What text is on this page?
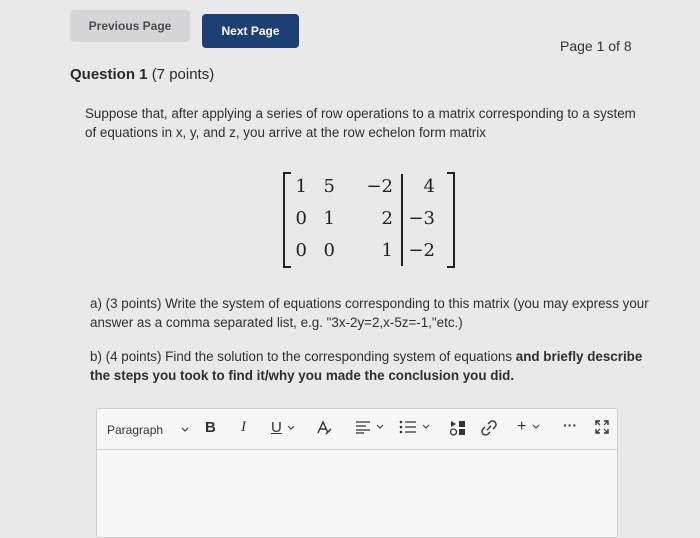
Previous Page	Next Page
Page 1 of 8
Question 1 (7 points)
Suppose that, after applying a series of row operations to a matrix corresponding to a system of equations in x, y, and z, you arrive at the row echelon form matrix
1 5	−2	4
0 1	2 −3
0 0	1 −2
a) (3 points) Write the system of equations corresponding to this matrix (you may express your answer as a comma separated list, e.g. "3x-2y=2,x-5z=-1,"etc.)
b) (4 points) Find the solution to the corresponding system of equations and briefly describe the steps you took to find it/why you made the conclusion you did.
Paragraph	B I U	+	···
